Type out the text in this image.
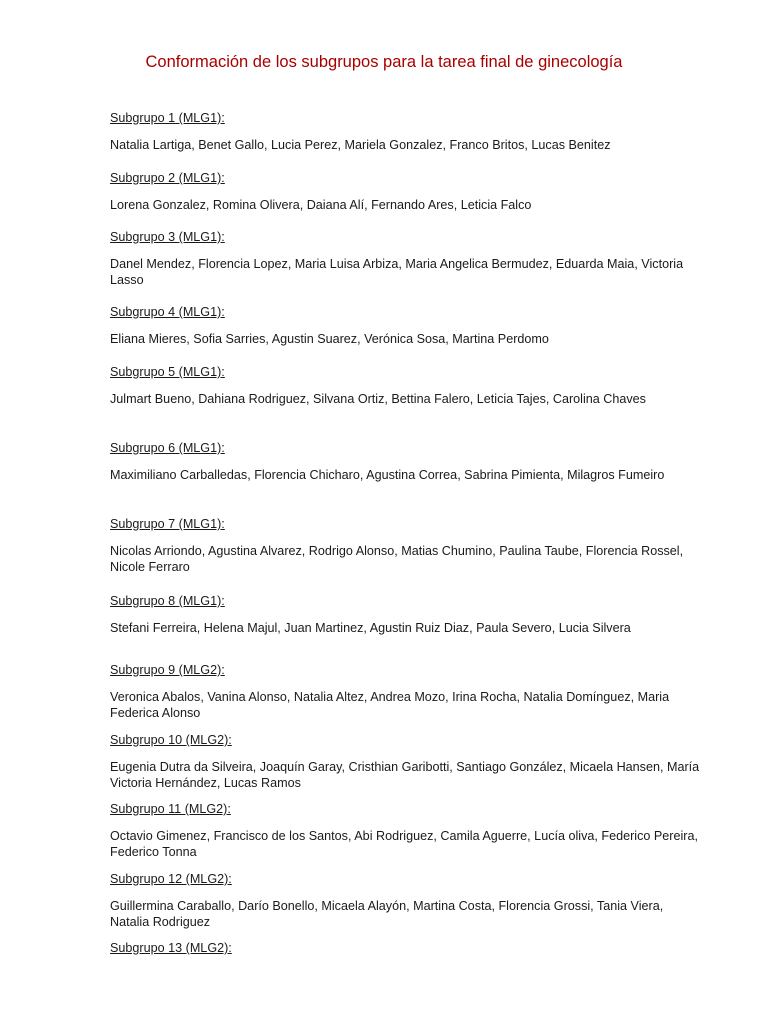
Conformación de los subgrupos para la tarea final de ginecología
Subgrupo 1 (MLG1):
Natalia Lartiga, Benet Gallo, Lucia Perez, Mariela Gonzalez, Franco Britos, Lucas Benitez
Subgrupo 2 (MLG1):
Lorena Gonzalez, Romina Olivera, Daiana Alí, Fernando Ares, Leticia Falco
Subgrupo 3 (MLG1):
Danel Mendez, Florencia Lopez, Maria Luisa Arbiza, Maria Angelica Bermudez, Eduarda Maia, Victoria Lasso
Subgrupo 4 (MLG1):
Eliana Mieres, Sofia Sarries, Agustin Suarez, Verónica Sosa, Martina Perdomo
Subgrupo 5 (MLG1):
Julmart Bueno, Dahiana Rodriguez, Silvana Ortiz, Bettina Falero, Leticia Tajes, Carolina Chaves
Subgrupo 6 (MLG1):
Maximiliano Carballedas, Florencia Chicharo, Agustina Correa, Sabrina Pimienta, Milagros Fumeiro
Subgrupo 7 (MLG1):
Nicolas Arriondo, Agustina Alvarez, Rodrigo Alonso, Matias Chumino, Paulina Taube, Florencia Rossel, Nicole Ferraro
Subgrupo 8 (MLG1):
Stefani Ferreira, Helena Majul, Juan Martinez, Agustin Ruiz Diaz, Paula Severo, Lucia Silvera
Subgrupo 9 (MLG2):
Veronica Abalos, Vanina Alonso, Natalia Altez, Andrea Mozo, Irina Rocha, Natalia Domínguez, Maria Federica Alonso
Subgrupo 10 (MLG2):
Eugenia Dutra da Silveira, Joaquín Garay, Cristhian Garibotti, Santiago González, Micaela Hansen, María Victoria Hernández, Lucas Ramos
Subgrupo 11 (MLG2):
Octavio Gimenez, Francisco de los Santos, Abi Rodriguez, Camila Aguerre, Lucía oliva, Federico Pereira, Federico Tonna
Subgrupo 12 (MLG2):
Guillermina Caraballo, Darío Bonello, Micaela Alayón, Martina Costa, Florencia Grossi, Tania Viera, Natalia Rodriguez
Subgrupo 13 (MLG2):
